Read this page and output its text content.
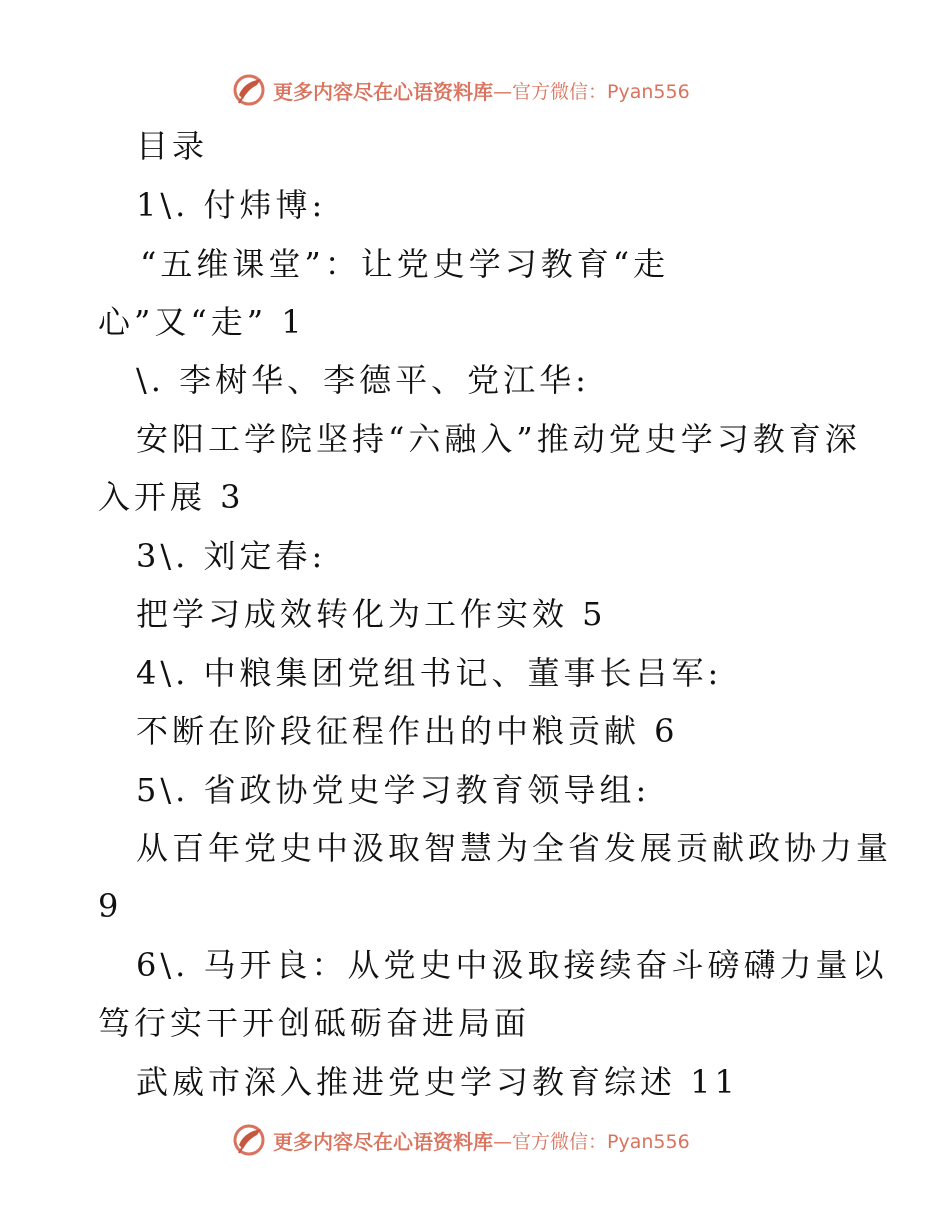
更多内容尽在心语资料库 —官方微信：Pyan556
目录
1\. 付炜博:
“五维课堂”：让党史学习教育“走
心”又“走” 1
\. 李树华、李德平、党江华:
安阳工学院坚持“六融入”推动党史学习教育深
入开展 3
3\. 刘定春:
把学习成效转化为工作实效 5
4\. 中粮集团党组书记、董事长吕军:
不断在阶段征程作出的中粮贡献 6
5\. 省政协党史学习教育领导组:
从百年党史中汲取智慧为全省发展贡献政协力量
9
6\. 马开良：从党史中汲取接续奋斗磅礴力量以
笃行实干开创砥砺奋进局面
武威市深入推进党史学习教育综述 11
更多内容尽在心语资料库 —官方微信：Pyan556
